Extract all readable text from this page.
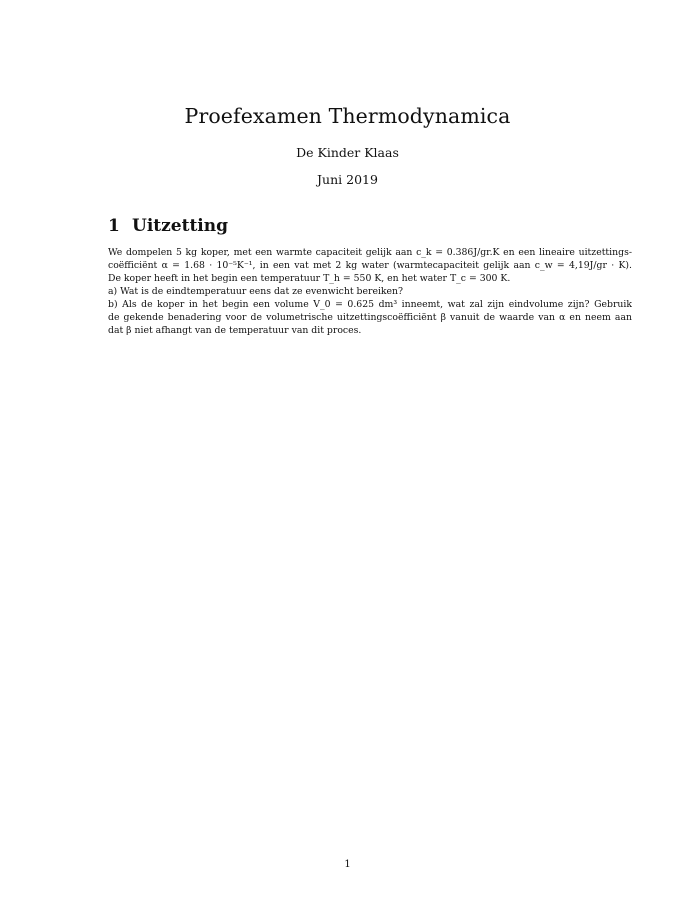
Proefexamen Thermodynamica
De Kinder Klaas
Juni 2019
1 Uitzetting
We dompelen 5 kg koper, met een warmte capaciteit gelijk aan c_k = 0.386J/gr.K en een lineaire uitzettings-
coëfficiënt α = 1.68 · 10⁻⁵K⁻¹, in een vat met 2 kg water (warmtecapaciteit gelijk aan c_w = 4,19J/gr · K).
De koper heeft in het begin een temperatuur T_h = 550 K, en het water T_c = 300 K.
a) Wat is de eindtemperatuur eens dat ze evenwicht bereiken?
b) Als de koper in het begin een volume V_0 = 0.625 dm³ inneemt, wat zal zijn eindvolume zijn? Gebruik
de gekende benadering voor de volumetrische uitzettingscoëfficiënt β vanuit de waarde van α en neem aan
dat β niet afhangt van de temperatuur van dit proces.
1
